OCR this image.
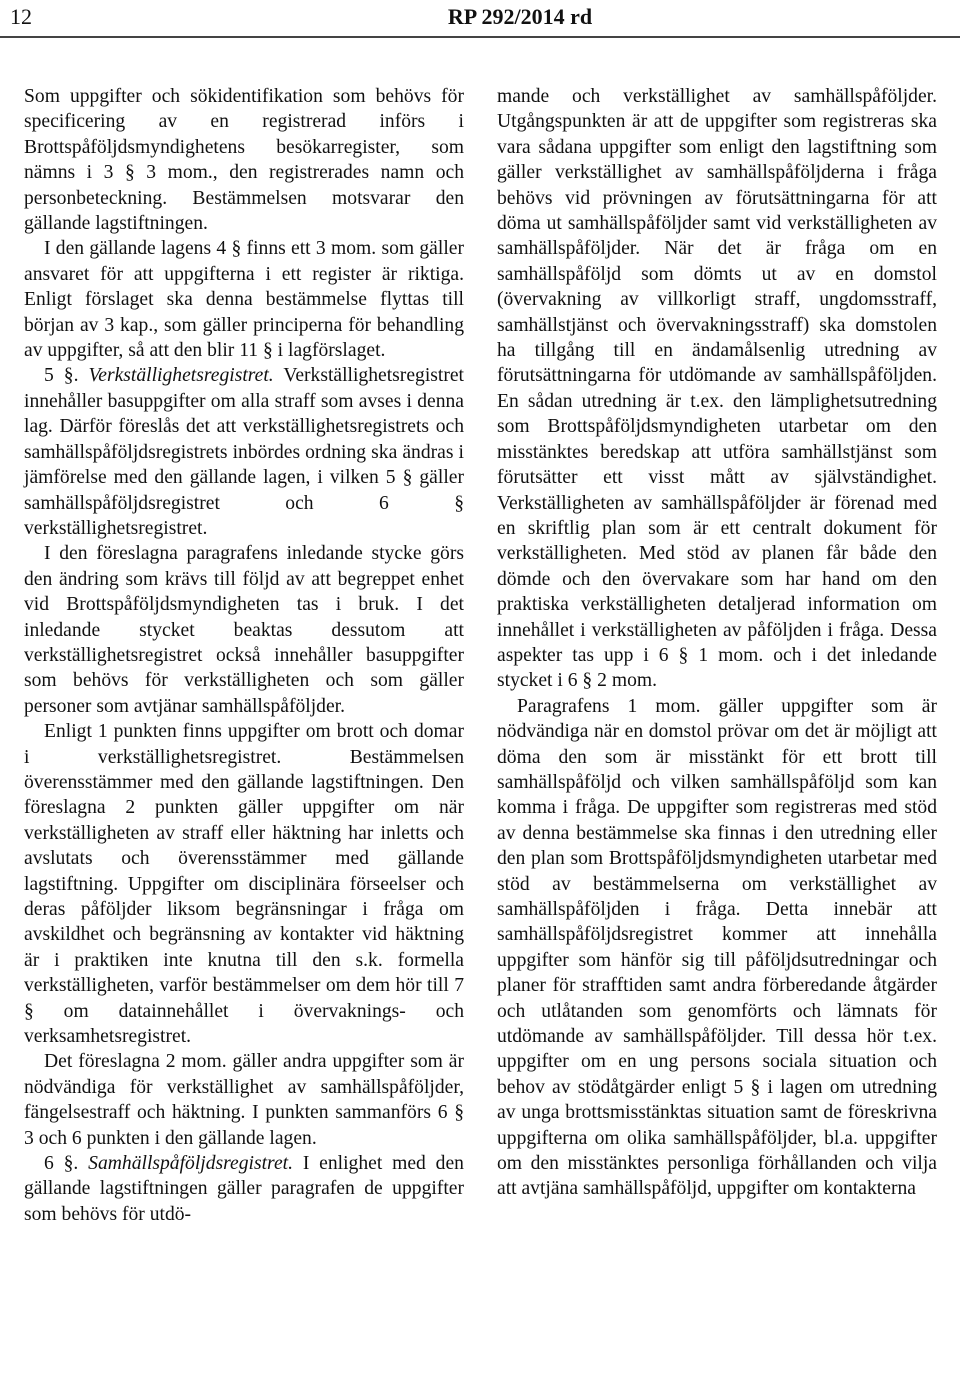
12	RP 292/2014 rd

Som uppgifter och sökidentifikation som behövs för specificering av en registrerad införs i Brottspåföljdsmyndighetens besökarregister, som nämns i 3 § 3 mom., den registrerades namn och personbeteckning. Bestämmelsen motsvarar den gällande lagstiftningen.

I den gällande lagens 4 § finns ett 3 mom. som gäller ansvaret för att uppgifterna i ett register är riktiga. Enligt förslaget ska denna bestämmelse flyttas till början av 3 kap., som gäller principerna för behandling av uppgifter, så att den blir 11 § i lagförslaget.

5 §. Verkställighetsregistret. Verkställighetsregistret innehåller basuppgifter om alla straff som avses i denna lag. Därför föreslås det att verkställighetsregistrets och samhällspåföljdsregistrets inbördes ordning ska ändras i jämförelse med den gällande lagen, i vilken 5 § gäller samhällspåföljdsregistret och 6 § verkställighetsregistret.

I den föreslagna paragrafens inledande stycke görs den ändring som krävs till följd av att begreppet enhet vid Brottspåföljdsmyndigheten tas i bruk. I det inledande stycket beaktas dessutom att verkställighetsregistret också innehåller basuppgifter som behövs för verkställigheten och som gäller personer som avtjänar samhällspåföljder.

Enligt 1 punkten finns uppgifter om brott och domar i verkställighetsregistret. Bestämmelsen överensstämmer med den gällande lagstiftningen. Den föreslagna 2 punkten gäller uppgifter om när verkställigheten av straff eller häktning har inletts och avslutats och överensstämmer med gällande lagstiftning. Uppgifter om disciplinära förseelser och deras påföljder liksom begränsningar i fråga om avskildhet och begränsning av kontakter vid häktning är i praktiken inte knutna till den s.k. formella verkställigheten, varför bestämmelser om dem hör till 7 § om datainnehållet i övervaknings- och verksamhetsregistret.

Det föreslagna 2 mom. gäller andra uppgifter som är nödvändiga för verkställighet av samhällspåföljder, fängelsestraff och häktning. I punkten sammanförs 6 § 3 och 6 punkten i den gällande lagen.

6 §. Samhällspåföljdsregistret. I enlighet med den gällande lagstiftningen gäller paragrafen de uppgifter som behövs för utdö-

mande och verkställighet av samhällspåföljder. Utgångspunkten är att de uppgifter som registreras ska vara sådana uppgifter som enligt den lagstiftning som gäller verkställighet av samhällspåföljderna i fråga behövs vid prövningen av förutsättningarna för att döma ut samhällspåföljder samt vid verkställigheten av samhällspåföljder. När det är fråga om en samhällspåföljd som dömts ut av en domstol (övervakning av villkorligt straff, ungdomsstraff, samhällstjänst och övervakningsstraff) ska domstolen ha tillgång till en ändamålsenlig utredning av förutsättningarna för utdömande av samhällspåföljden. En sådan utredning är t.ex. den lämplighetsutredning som Brottspåföljdsmyndigheten utarbetar om den misstänktes beredskap att utföra samhällstjänst som förutsätter ett visst mått av självständighet. Verkställigheten av samhällspåföljder är förenad med en skriftlig plan som är ett centralt dokument för verkställigheten. Med stöd av planen får både den dömde och den övervakare som har hand om den praktiska verkställigheten detaljerad information om innehållet i verkställigheten av påföljden i fråga. Dessa aspekter tas upp i 6 § 1 mom. och i det inledande stycket i 6 § 2 mom.

Paragrafens 1 mom. gäller uppgifter som är nödvändiga när en domstol prövar om det är möjligt att döma den som är misstänkt för ett brott till samhällspåföljd och vilken samhällspåföljd som kan komma i fråga. De uppgifter som registreras med stöd av denna bestämmelse ska finnas i den utredning eller den plan som Brottspåföljdsmyndigheten utarbetar med stöd av bestämmelserna om verkställighet av samhällspåföljden i fråga. Detta innebär att samhällspåföljdsregistret kommer att innehålla uppgifter som hänför sig till påföljdsutredningar och planer för strafftiden samt andra förberedande åtgärder och utlåtanden som genomförts och lämnats för utdömande av samhällspåföljder. Till dessa hör t.ex. uppgifter om en ung persons sociala situation och behov av stödåtgärder enligt 5 § i lagen om utredning av unga brottsmisstänktas situation samt de föreskrivna uppgifterna om olika samhällspåföljder, bl.a. uppgifter om den misstänktes personliga förhållanden och vilja att avtjäna samhällspåföljd, uppgifter om kontakterna
